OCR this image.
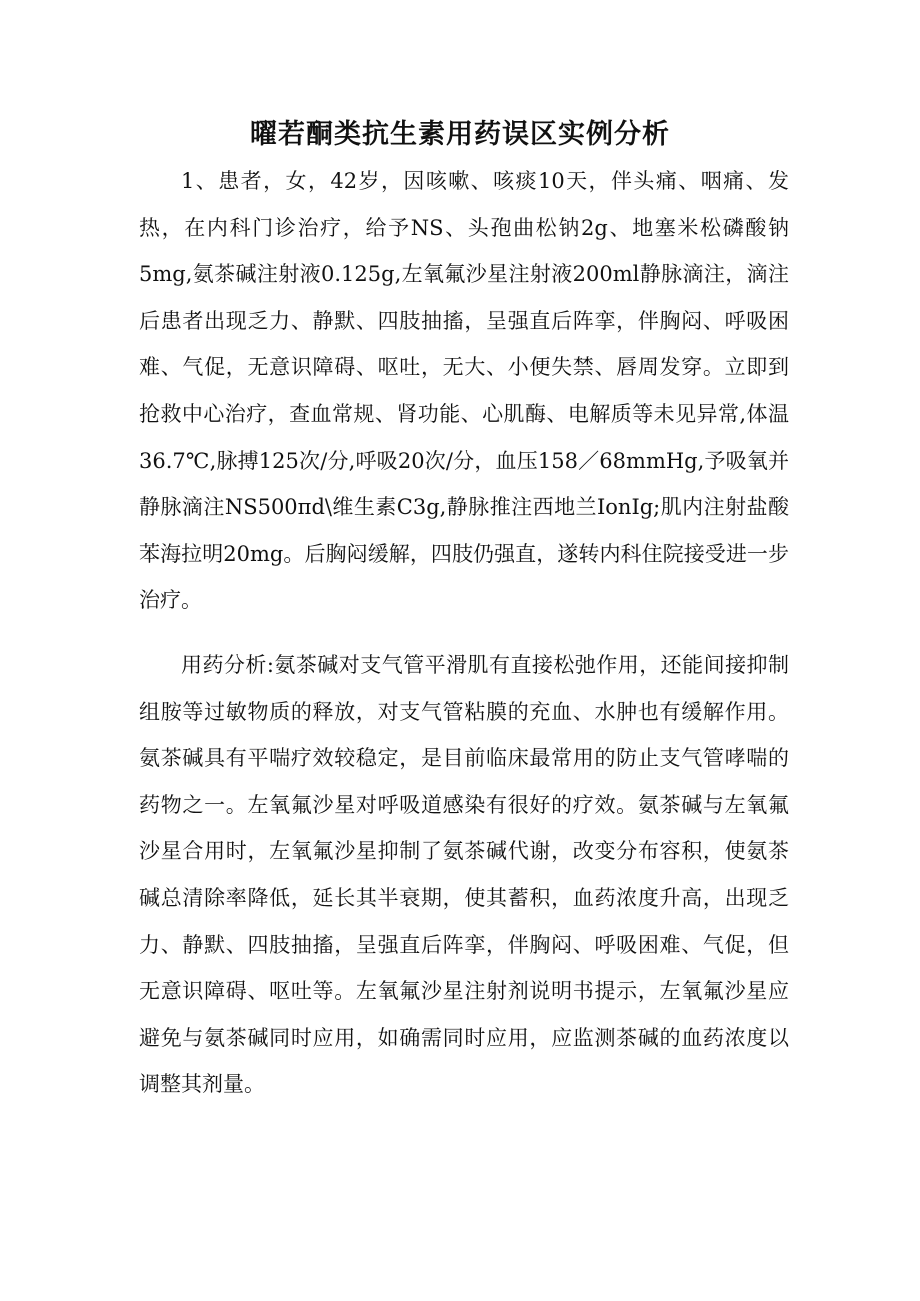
曜若酮类抗生素用药误区实例分析

1、患者，女，42岁，因咳嗽、咳痰10天，伴头痛、咽痛、发热，在内科门诊治疗，给予NS、头孢曲松钠2g、地塞米松磷酸钠5mg,氨茶碱注射液0.125g,左氧氟沙星注射液200ml静脉滴注，滴注后患者出现乏力、静默、四肢抽搐，呈强直后阵挛，伴胸闷、呼吸困难、气促，无意识障碍、呕吐，无大、小便失禁、唇周发穿。立即到抢救中心治疗，查血常规、肾功能、心肌酶、电解质等未见异常,体温36.7℃,脉搏125次/分,呼吸20次/分，血压158／68mmHg,予吸氧并静脉滴注NS500πd\维生素C3g,静脉推注西地兰IonIg;肌内注射盐酸苯海拉明20mg。后胸闷缓解，四肢仍强直，遂转内科住院接受进一步治疗。

用药分析:氨茶碱对支气管平滑肌有直接松弛作用，还能间接抑制组胺等过敏物质的释放，对支气管粘膜的充血、水肿也有缓解作用。氨茶碱具有平喘疗效较稳定，是目前临床最常用的防止支气管哮喘的药物之一。左氧氟沙星对呼吸道感染有很好的疗效。氨茶碱与左氧氟沙星合用时，左氧氟沙星抑制了氨茶碱代谢，改变分布容积，使氨茶碱总清除率降低，延长其半衰期，使其蓄积，血药浓度升高，出现乏力、静默、四肢抽搐，呈强直后阵挛，伴胸闷、呼吸困难、气促，但无意识障碍、呕吐等。左氧氟沙星注射剂说明书提示，左氧氟沙星应避免与氨茶碱同时应用，如确需同时应用，应监测茶碱的血药浓度以调整其剂量。
